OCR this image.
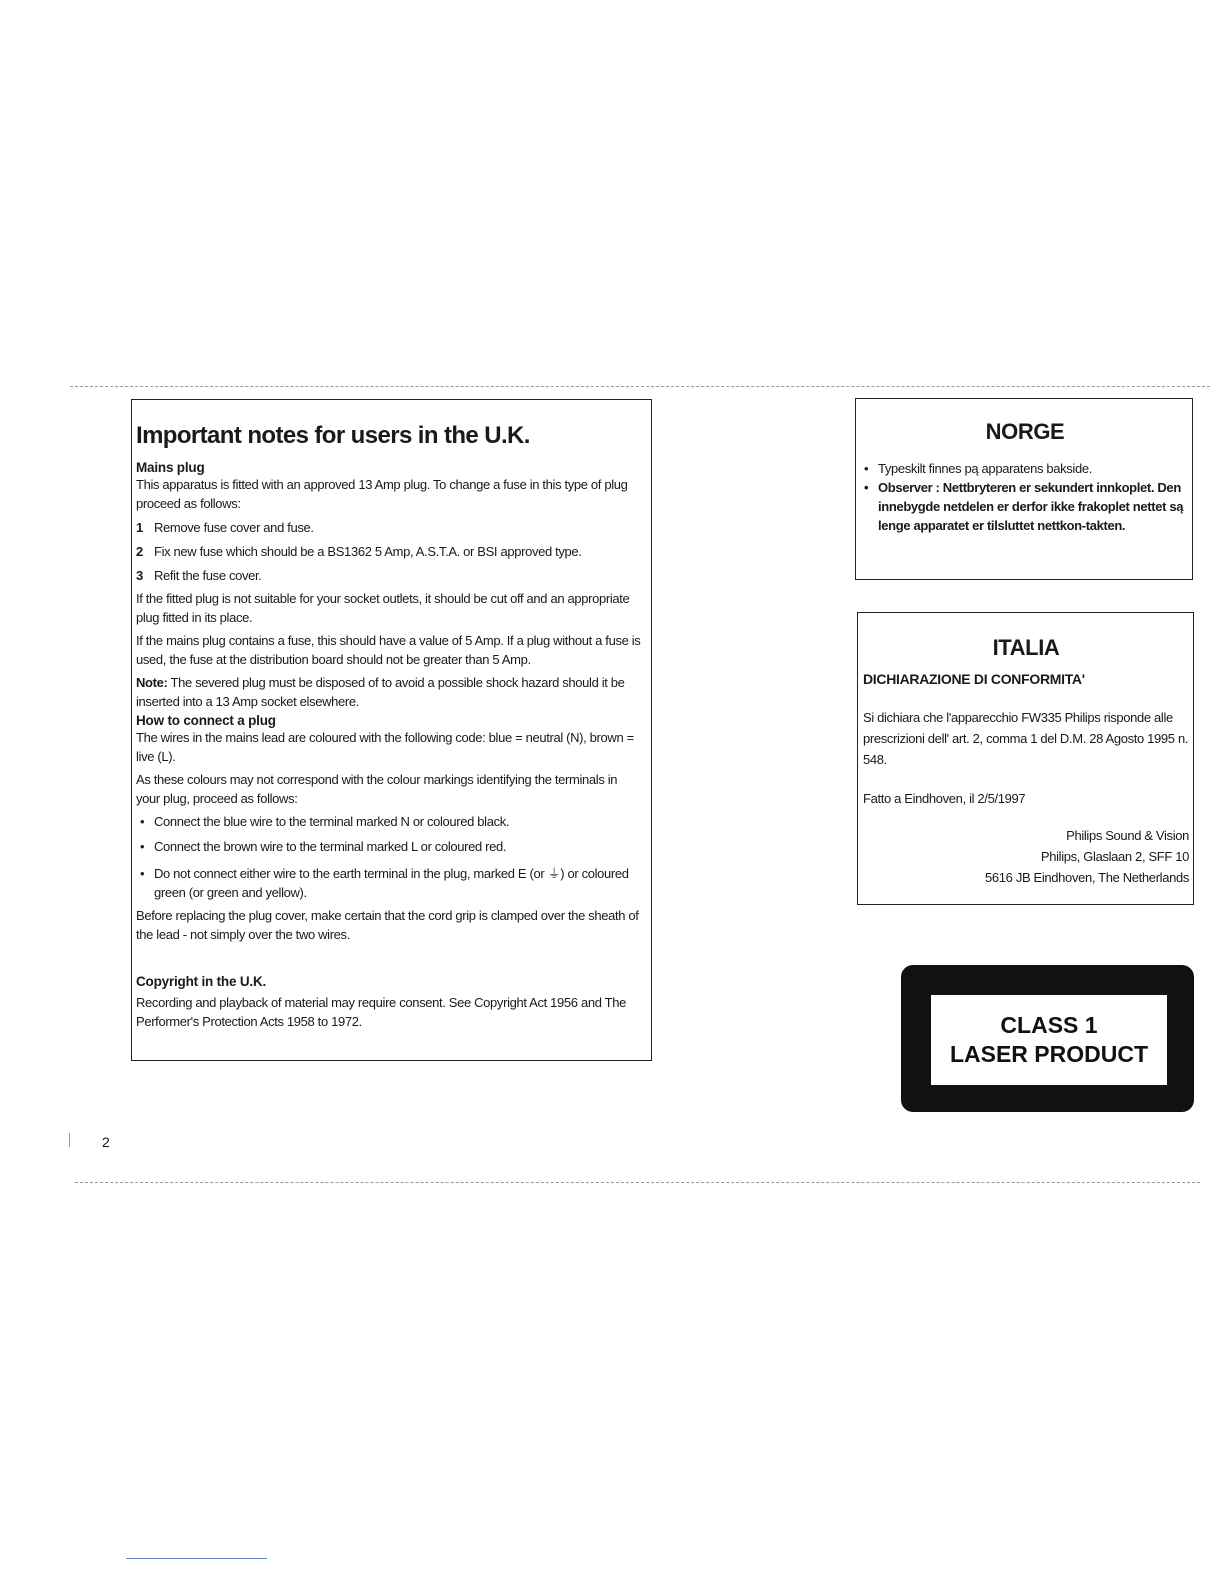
Important notes for users in the U.K.
Mains plug

This apparatus is fitted with an approved 13 Amp plug. To change a fuse in this type of plug proceed as follows:

1 Remove fuse cover and fuse.
2 Fix new fuse which should be a BS1362 5 Amp, A.S.T.A. or BSI approved type.
3 Refit the fuse cover.

If the fitted plug is not suitable for your socket outlets, it should be cut off and an appropriate plug fitted in its place.

If the mains plug contains a fuse, this should have a value of 5 Amp. If a plug without a fuse is used, the fuse at the distribution board should not be greater than 5 Amp.

Note: The severed plug must be disposed of to avoid a possible shock hazard should it be inserted into a 13 Amp socket elsewhere.

How to connect a plug

The wires in the mains lead are coloured with the following code: blue = neutral (N), brown = live (L).

As these colours may not correspond with the colour markings identifying the terminals in your plug, proceed as follows:

• Connect the blue wire to the terminal marked N or coloured black.
• Connect the brown wire to the terminal marked L or coloured red.
• Do not connect either wire to the earth terminal in the plug, marked E (or ⏚) or coloured green (or green and yellow).

Before replacing the plug cover, make certain that the cord grip is clamped over the sheath of the lead - not simply over the two wires.

Copyright in the U.K.

Recording and playback of material may require consent. See Copyright Act 1956 and The Performer's Protection Acts 1958 to 1972.

NORGE
• Typeskilt finnes pą apparatens bakside.
• Observer : Nettbryteren er sekundert innkoplet. Den innebygde netdelen er derfor ikke frakoplet nettet są lenge apparatet er tilsluttet nettkon-takten.
ITALIA
DICHIARAZIONE DI CONFORMITA'

Si dichiara che l'apparecchio FW335 Philips risponde alle prescrizioni dell' art. 2, comma 1 del D.M. 28 Agosto 1995 n. 548.

Fatto a Eindhoven, il 2/5/1997

Philips Sound & Vision

Philips, Glaslaan 2, SFF 10

5616 JB Eindhoven, The Netherlands

CLASS 1
LASER PRODUCT
2
